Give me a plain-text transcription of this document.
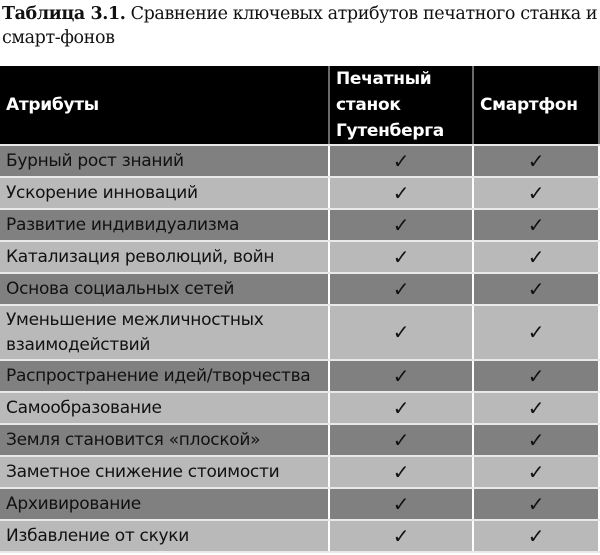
Таблица 3.1. Сравнение ключевых атрибутов печатного станка и смарт-фонов
Атрибуты	Печатный станок Гутенберга	Смартфон
Бурный рост знаний	✓	✓
Ускорение инноваций	✓	✓
Развитие индивидуализма	✓	✓
Катализация революций, войн	✓	✓
Основа социальных сетей	✓	✓
Уменьшение межличностных взаимодействий	✓	✓
Распространение идей/творчества	✓	✓
Самообразование	✓	✓
Земля становится «плоской»	✓	✓
Заметное снижение стоимости	✓	✓
Архивирование	✓	✓
Избавление от скуки	✓	✓
